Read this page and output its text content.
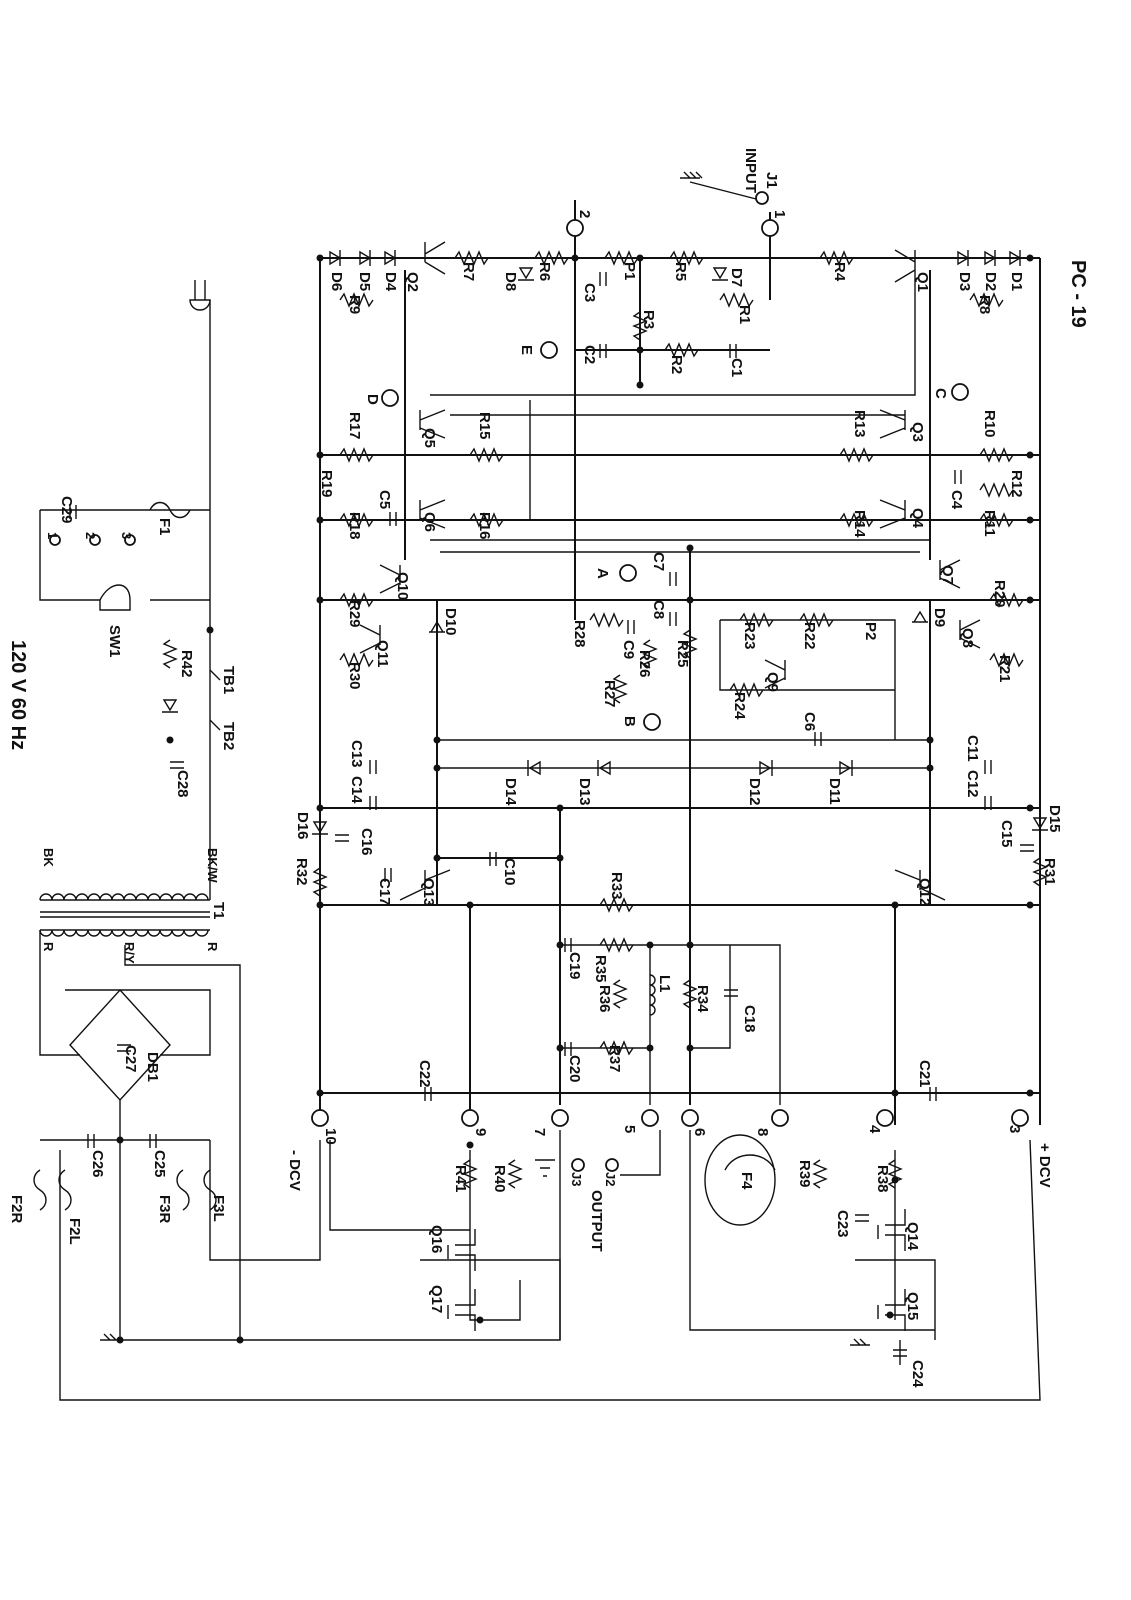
PC - 19
120 V 60 Hz
INPUT J1
OUTPUT
J2
J3	+ DCV
- DCV
1
2
3
4
5	6
7	8
9
10
A
B
C
D
E
Q1
Q2
Q3
Q4
Q5
Q6
Q7
Q8
Q9
Q10
Q11
Q12
Q13
Q14
Q15
Q16
Q17
R1
R2
R3
R4
R5
R6
R7
R8
R9
R10
R11
R12
R13
R14
R15
R16
R17
R18
R19
R20
R21
R22
R23
R24
R25
R26
R27
R28
R29
R30
R31
R32
R33
R34
R35
R36
R37
R38
R39
R40
R41
R42
C1
C2
C3
C4
C5
C6
C7
C8
C9
C10
C11
C12
C13
C14
C15
C16
C17
C18
C19
C20	C21
C22
C23
C24
C25
C26
C27
C28
C29
D1
D2
D3
D4
D5
D6	D7
D8
D9
D10
D11
D12
D13
D14
D15
D16
P1
P2
F1
F2L
F2R	F3L
F3R
F4
L1
DB1
T1
SW1
TB1
TB2
1 2 3
BK	BK/W
R	R/Y	R
